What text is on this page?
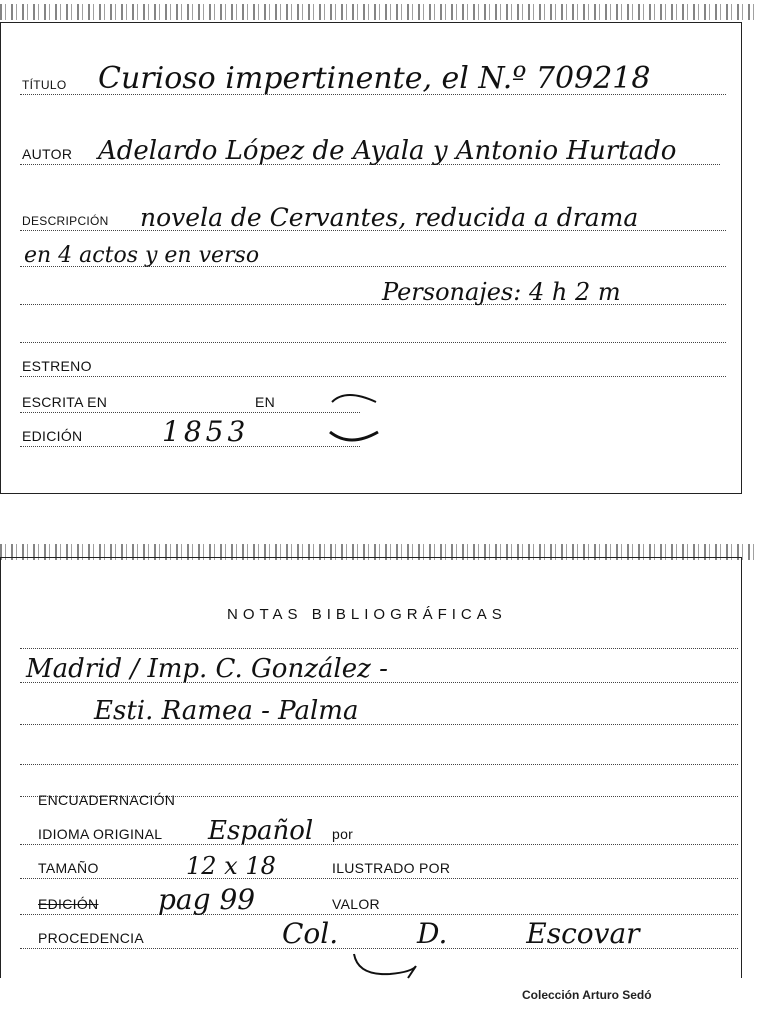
TÍTULO Curioso impertinente, el N.º 709218
AUTOR Adelardo López de Ayala y Antonio Hurtado
DESCRIPCIÓN novela de Cervantes, reducida a drama
en 4 actos y en verso
Personajes: 4 h 2 m
ESTRENO
ESCRITA EN	EN
EDICIÓN	1853
NOTAS BIBLIOGRÁFICAS
Madrid / Imp. C. González -
Esti. Ramea - Palma
ENCUADERNACIÓN
IDIOMA ORIGINAL Español por
TAMAÑO	12 x 18	ILUSTRADO POR
EDICIÓN pag 99	VALOR
PROCEDENCIA	Col. D. Escovar
Colección Arturo Sedó
